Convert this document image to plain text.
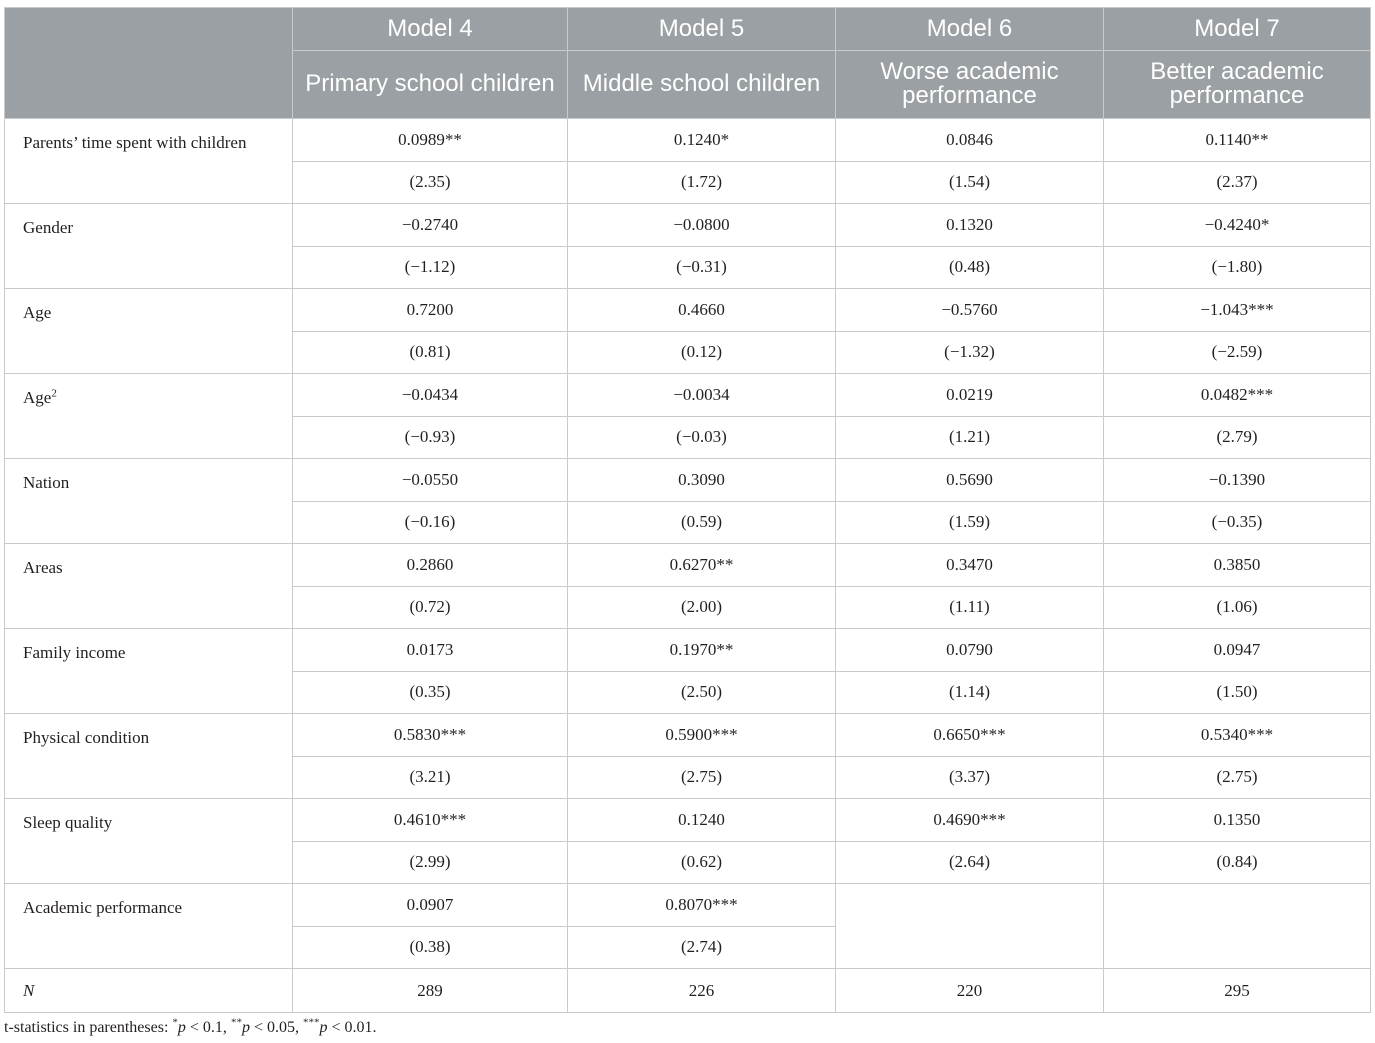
	Model 4	Model 5	Model 6	Model 7
	Primary school children	Middle school children	Worse academic performance	Better academic performance
Parents’ time spent with children	0.0989**	0.1240*	0.0846	0.1140**
	(2.35)	(1.72)	(1.54)	(2.37)
Gender	−0.2740	−0.0800	0.1320	−0.4240*
	(−1.12)	(−0.31)	(0.48)	(−1.80)
Age	0.7200	0.4660	−0.5760	−1.043***
	(0.81)	(0.12)	(−1.32)	(−2.59)
Age$^2$	−0.0434	−0.0034	0.0219	0.0482***
	(−0.93)	(−0.03)	(1.21)	(2.79)
Nation	−0.0550	0.3090	0.5690	−0.1390
	(−0.16)	(0.59)	(1.59)	(−0.35)
Areas	0.2860	0.6270**	0.3470	0.3850
	(0.72)	(2.00)	(1.11)	(1.06)
Family income	0.0173	0.1970**	0.0790	0.0947
	(0.35)	(2.50)	(1.14)	(1.50)
Physical condition	0.5830***	0.5900***	0.6650***	0.5340***
	(3.21)	(2.75)	(3.37)	(2.75)
Sleep quality	0.4610***	0.1240	0.4690***	0.1350
	(2.99)	(0.62)	(2.64)	(0.84)
Academic performance	0.0907	0.8070***		
	(0.38)	(2.74)		
N	289	226	220	295
t-statistics in parentheses: *p < 0.1, **p < 0.05, ***p < 0.01.
